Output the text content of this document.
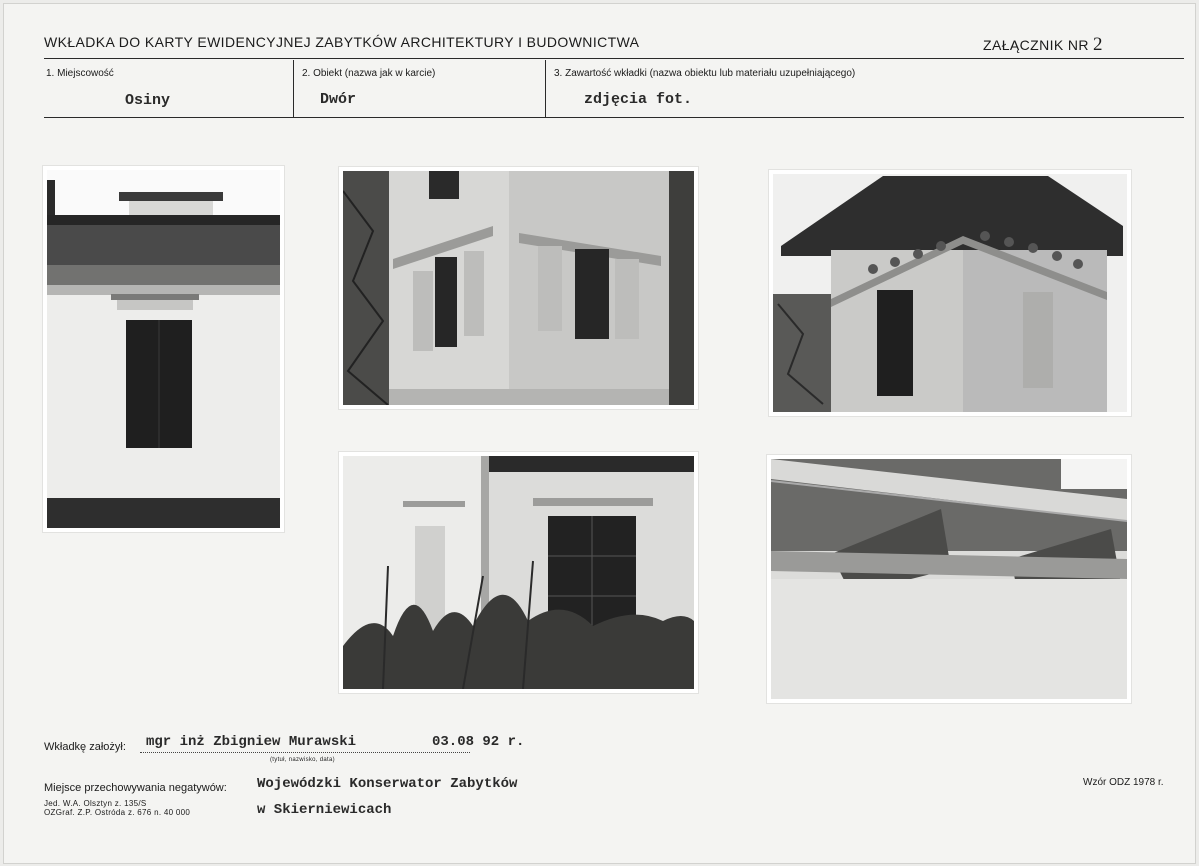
WKŁADKA DO KARTY EWIDENCYJNEJ ZABYTKÓW ARCHITEKTURY I BUDOWNICTWA	ZAŁĄCZNIK NR 2
1. Miejscowość
Osiny
2. Obiekt (nazwa jak w karcie)
Dwór
3. Zawartość wkładki (nazwa obiektu lub materiału uzupełniającego)
zdjęcia fot.
Wkładkę założył: mgr inż Zbigniew Murawski	03.08 92 r.
(tytuł, nazwisko, data)
Miejsce przechowywania negatywów: Wojewódzki Konserwator Zabytków
w Skierniewicach
Jed. W.A. Olsztyn z. 135/S
OZGraf. Z.P. Ostróda z. 676 n. 40 000
Wzór ODZ 1978 r.
